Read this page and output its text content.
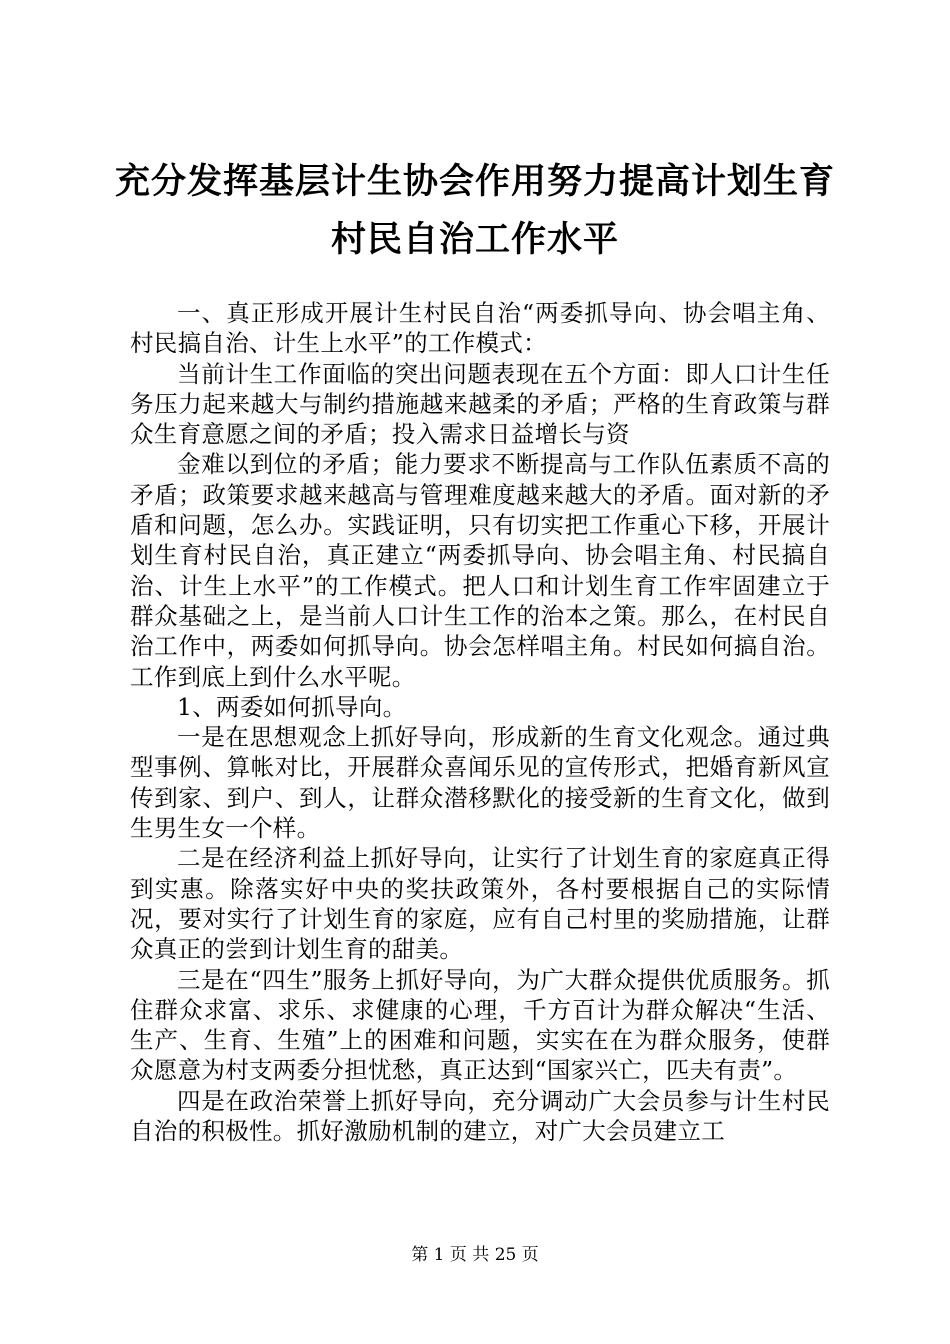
充分发挥基层计生协会作用努力提高计划生育
村民自治工作水平

一、真正形成开展计生村民自治“两委抓导向、协会唱主角、村民搞自治、计生上水平”的工作模式：

当前计生工作面临的突出问题表现在五个方面：即人口计生任务压力起来越大与制约措施越来越柔的矛盾；严格的生育政策与群众生育意愿之间的矛盾；投入需求日益增长与资

金难以到位的矛盾；能力要求不断提高与工作队伍素质不高的矛盾；政策要求越来越高与管理难度越来越大的矛盾。面对新的矛盾和问题，怎么办。实践证明，只有切实把工作重心下移，开展计划生育村民自治，真正建立“两委抓导向、协会唱主角、村民搞自治、计生上水平”的工作模式。把人口和计划生育工作牢固建立于群众基础之上，是当前人口计生工作的治本之策。那么，在村民自治工作中，两委如何抓导向。协会怎样唱主角。村民如何搞自治。工作到底上到什么水平呢。

1、两委如何抓导向。

一是在思想观念上抓好导向，形成新的生育文化观念。通过典型事例、算帐对比，开展群众喜闻乐见的宣传形式，把婚育新风宣传到家、到户、到人，让群众潜移默化的接受新的生育文化，做到生男生女一个样。

二是在经济利益上抓好导向，让实行了计划生育的家庭真正得到实惠。除落实好中央的奖扶政策外，各村要根据自己的实际情况，要对实行了计划生育的家庭，应有自己村里的奖励措施，让群众真正的尝到计划生育的甜美。

三是在“四生”服务上抓好导向，为广大群众提供优质服务。抓住群众求富、求乐、求健康的心理，千方百计为群众解决“生活、生产、生育、生殖”上的困难和问题，实实在在为群众服务，使群众愿意为村支两委分担忧愁，真正达到“国家兴亡，匹夫有责”。

四是在政治荣誉上抓好导向，充分调动广大会员参与计生村民自治的积极性。抓好激励机制的建立，对广大会员建立工

第 1 页 共 25 页
